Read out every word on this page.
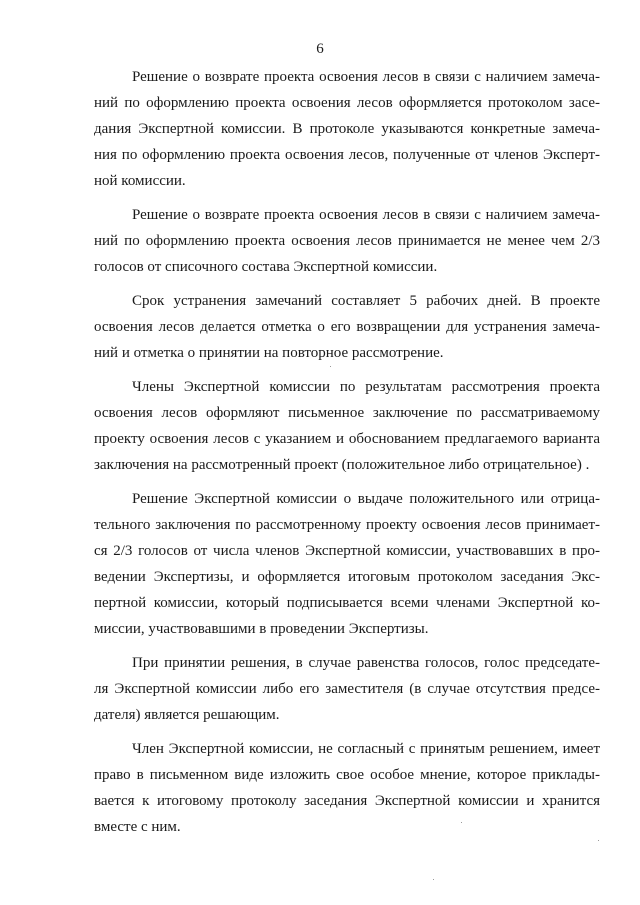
6
Решение о возврате проекта освоения лесов в связи с наличием замеча-
ний по оформлению проекта освоения лесов оформляется протоколом засе-
дания Экспертной комиссии. В протоколе указываются конкретные замеча-
ния по оформлению проекта освоения лесов, полученные от членов Эксперт-
ной комиссии.
Решение о возврате проекта освоения лесов в связи с наличием замеча-
ний по оформлению проекта освоения лесов принимается не менее чем 2/3
голосов от списочного состава Экспертной комиссии.
Срок устранения замечаний составляет 5 рабочих дней. В проекте
освоения лесов делается отметка о его возвращении для устранения замеча-
ний и отметка о принятии на повторное рассмотрение.
Члены Экспертной комиссии по результатам рассмотрения проекта
освоения лесов оформляют письменное заключение по рассматриваемому
проекту освоения лесов с указанием и обоснованием предлагаемого варианта
заключения на рассмотренный проект (положительное либо отрицательное) .
Решение Экспертной комиссии о выдаче положительного или отрица-
тельного заключения по рассмотренному проекту освоения лесов принимает-
ся 2/3 голосов от числа членов Экспертной комиссии, участвовавших в про-
ведении Экспертизы, и оформляется итоговым протоколом заседания Экс-
пертной комиссии, который подписывается всеми членами Экспертной ко-
миссии, участвовавшими в проведении Экспертизы.
При принятии решения, в случае равенства голосов, голос председате-
ля Экспертной комиссии либо его заместителя (в случае отсутствия предсе-
дателя) является решающим.
Член Экспертной комиссии, не согласный с принятым решением, имеет
право в письменном виде изложить свое особое мнение, которое приклады-
вается к итоговому протоколу заседания Экспертной комиссии и хранится
вместе с ним.
